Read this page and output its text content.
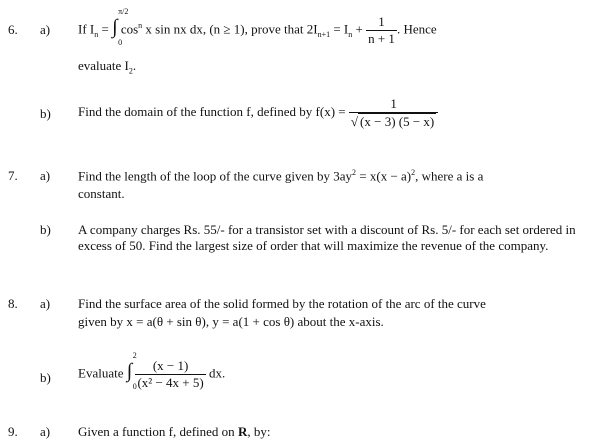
6. a) If $I_n$ = ∫
π/2
0
$\cos^n x$ sin nx dx, (n ≥ 1), prove that $2I_{n+1} = I_n + \frac{1}{n + 1}$ . Hence
evaluate $I_2$.
b) Find the domain of the function f, defined by $f(x) = \frac{1}{√ (x - 3) (5 - x)}$
7. a) Find the length of the loop of the curve given by $3ay^2 = x(x - a)^2$, where a is a
constant.
b) A company charges Rs. 55/- for a transistor set with a discount of Rs. 5/- for each set ordered in excess of 50. Find the largest size of order that will maximize the revenue of the company.
8. a) Find the surface area of the solid formed by the rotation of the arc of the curve
given by x = a(θ + sin θ), y = a(1 + cos θ) about the x-axis.
b) Evaluate ∫
2
0

$\frac{(x - 1)}{\text{(x² − 4x + 5)}}$ dx.
9. a) Given a function f, defined on R, by:
